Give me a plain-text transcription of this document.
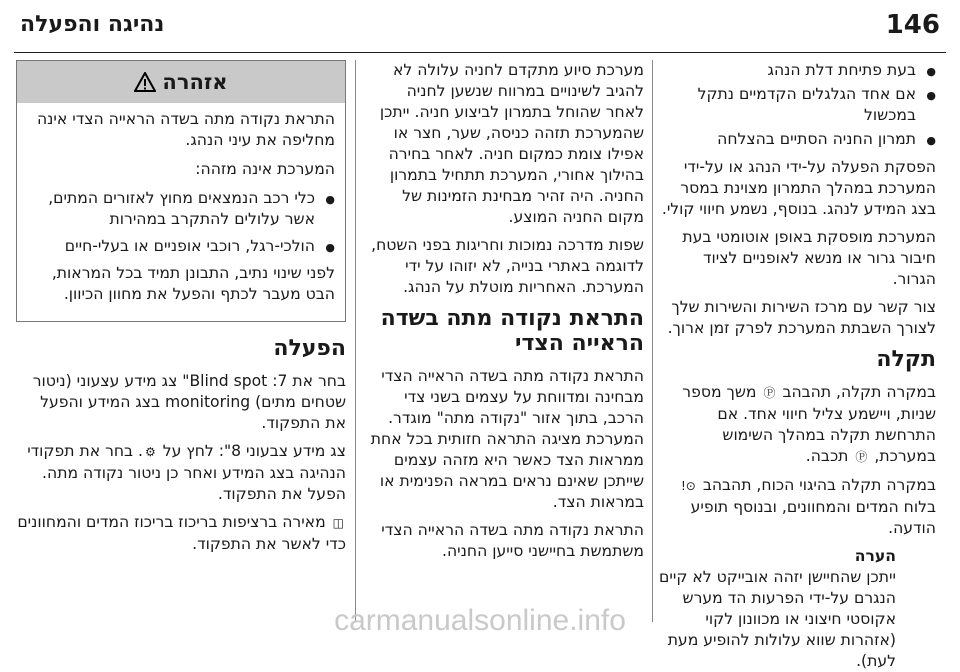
146
נהיגה והפעלה
● בעת פתיחת דלת הנהג
● אם אחד הגלגלים הקדמיים נתקל במכשול
● תמרון החניה הסתיים בהצלחה

הפסקת הפעלה על-ידי הנהג או על-ידי המערכת במהלך התמרון מצוינת במסר בצג המידע לנהג. בנוסף, נשמע חיווי קולי.

המערכת מופסקת באופן אוטומטי בעת חיבור גרור או מנשא לאופניים לציוד הגרור.

צור קשר עם מרכז השירות והשירות שלך לצורך השבתת המערכת לפרק זמן ארוך.

תקלה

במקרה תקלה, תהבהב Ⓟ משך מספר שניות, ויישמע צליל חיווי אחד. אם התרחשת תקלה במהלך השימוש במערכת, Ⓟ תכבה.

במקרה תקלה בהיגוי הכוח, תהבהב ⊙! בלוח המדים והמחוונים, ובנוסף תופיע הודעה.

הערה
ייתכן שהחיישן יזהה אובייקט לא קיים הנגרם על-ידי הפרעות הד מערש אקוסטי חיצוני או מכוונון לקוי (אזהרות שווא עלולות להופיע מעת לעת).

מערכת סיוע מתקדם לחניה עלולה לא להגיב לשינויים במרווח שנשען לחניה לאחר שהוחל בתמרון לביצוע חניה. ייתכן שהמערכת תזהה כניסה, שער, חצר או אפילו צומת כמקום חניה. לאחר בחירה בהילוך אחורי, המערכת תתחיל בתמרון החניה. היה זהיר מבחינת הזמינות של מקום החניה המוצע.

שפות מדרכה נמוכות וחריגות בפני השטח, לדוגמה באתרי בנייה, לא יזוהו על ידי המערכת. האחריות מוטלת על הנהג.

התראת נקודה מתה בשדה הראייה הצדי

התראת נקודה מתה בשדה הראייה הצדי מבחינה ומדווחת על עצמים בשני צדי הרכב, בתוך אזור "נקודה מתה" מוגדר. המערכת מציגה התראה חזותית בכל אחת ממראות הצד כאשר היא מזהה עצמים שייתכן שאינם נראים במראה הפנימית או במראות הצד.

התראת נקודה מתה בשדה הראייה הצדי משתמשת בחיישני סייען החניה.

אזהרה

התראת נקודה מתה בשדה הראייה הצדי אינה מחליפה את עיני הנהג.

המערכת אינה מזהה:

● כלי רכב הנמצאים מחוץ לאזורים המתים, אשר עלולים להתקרב במהירות
● הולכי-רגל, רוכבי אופניים או בעלי-חיים

לפני שינוי נתיב, התבונן תמיד בכל המראות, הבט מעבר לכתף והפעל את מחוון הכיוון.

הפעלה

בחר את Blind spot :7" צג מידע עצעוני (ניטור שטחים מתים) monitoring בצג המידע והפעל את התפקוד.

צג מידע צבעוני 8": לחץ על ⚙. בחר את תפקודי הנהיגה בצג המידע ואחר כן ניטור נקודה מתה. הפעל את התפקוד.

◫ מאירה ברציפות בריכוז בריכוז המדים והמחוונים כדי לאשר את התפקוד.

carmanualsonline.info
